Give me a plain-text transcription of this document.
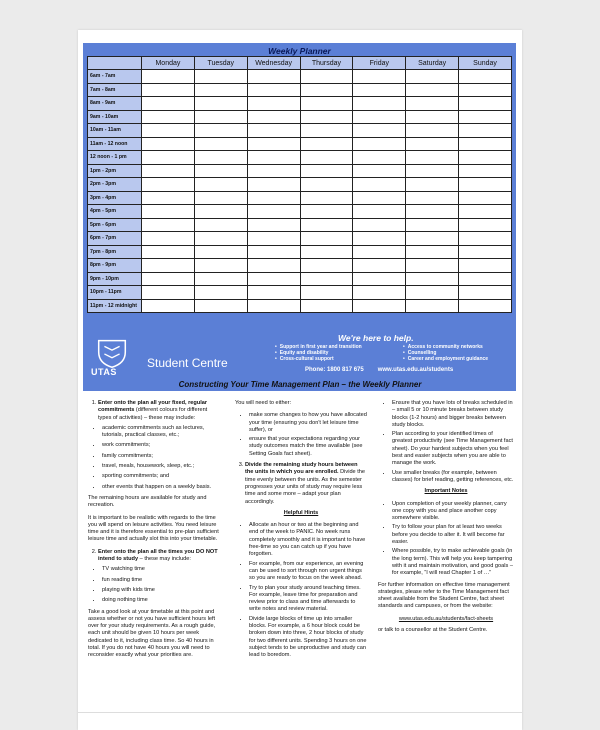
Weekly Planner
	Monday	Tuesday	Wednesday	Thursday	Friday	Saturday	Sunday
6am - 7am							
7am - 8am							
8am - 9am							
9am - 10am							
10am - 11am							
11am - 12 noon							
12 noon - 1 pm							
1pm - 2pm							
2pm - 3pm							
3pm - 4pm							
4pm - 5pm							
5pm - 6pm							
6pm - 7pm							
7pm - 8pm							
8pm - 9pm							
9pm - 10pm							
10pm - 11pm							
11pm - 12 midnight							
UTAS
Student Centre
We're here to help.
• Support in first year and transition
• Equity and disability
• Cross-cultural support
• Access to community networks
• Counselling
• Career and employment guidance
Phone: 1800 817 675 www.utas.edu.au/students
Constructing Your Time Management Plan – the Weekly Planner
1. Enter onto the plan all your fixed, regular commitments (different colours for different types of activities) – these may include:
• academic commitments such as lectures, tutorials, practical classes, etc.;
• work commitments;
• family commitments;
• travel, meals, housework, sleep, etc.;
• sporting commitments; and
• other events that happen on a weekly basis.

The remaining hours are available for study and recreation.

It is important to be realistic with regards to the time you will spend on leisure activities. You need leisure time and it is therefore essential to pre-plan sufficient leisure time and actually slot this into your timetable.

2. Enter onto the plan all the times you DO NOT intend to study – these may include:
• TV watching time
• fun reading time
• playing with kids time
• doing nothing time

Take a good look at your timetable at this point and assess whether or not you have sufficient hours left over for your study requirements. As a rough guide, each unit should be given 10 hours per week dedicated to it, including class time. So 40 hours in total. If you do not have 40 hours you will need to reconsider exactly what your priorities are.

You will need to either:

• make some changes to how you have allocated your time (ensuring you don't let leisure time suffer), or
• ensure that your expectations regarding your study outcomes match the time available (see Setting Goals fact sheet).
3. Divide the remaining study hours between the units in which you are enrolled. Divide the time evenly between the units. As the semester progresses your units of study may require less time and some more – adapt your plan accordingly.
Helpful Hints
• Allocate an hour or two at the beginning and end of the week to PANIC. No week runs completely smoothly and it is important to have free-time so you can catch up if you have forgotten.
• For example, from our experience, an evening can be used to sort through non urgent things so you are ready to focus on the week ahead.
• Try to plan your study around teaching times. For example, leave time for preparation and review prior to class and time afterwards to write notes and review material.
• Divide large blocks of time up into smaller blocks. For example, a 6 hour block could be broken down into three, 2 hour blocks of study for two different units. Spending 3 hours on one subject tends to be unproductive and study can lead to boredom.
• Ensure that you have lots of breaks scheduled in – small 5 or 10 minute breaks between study blocks (1-2 hours) and bigger breaks between study blocks.
• Plan according to your identified times of greatest productivity (see Time Management fact sheet). Do your hardest subjects when you feel best and easier subjects when you are able to manage the work.
• Use smaller breaks (for example, between classes) for brief reading, getting references, etc.
Important Notes
• Upon completion of your weekly planner, carry one copy with you and place another copy somewhere visible.
• Try to follow your plan for at least two weeks before you decide to alter it. It will become far easier.
• Where possible, try to make achievable goals (in the long term). This will help you keep tampering with it and maintain motivation, and good goals – for example, “I will read Chapter 1 of …”

For further information on effective time management strategies, please refer to the Time Management fact sheet available from the Student Centre, fact sheet standards and campuses, or from the website:

www.utas.edu.au/students/fact-sheets

or talk to a counsellor at the Student Centre.
